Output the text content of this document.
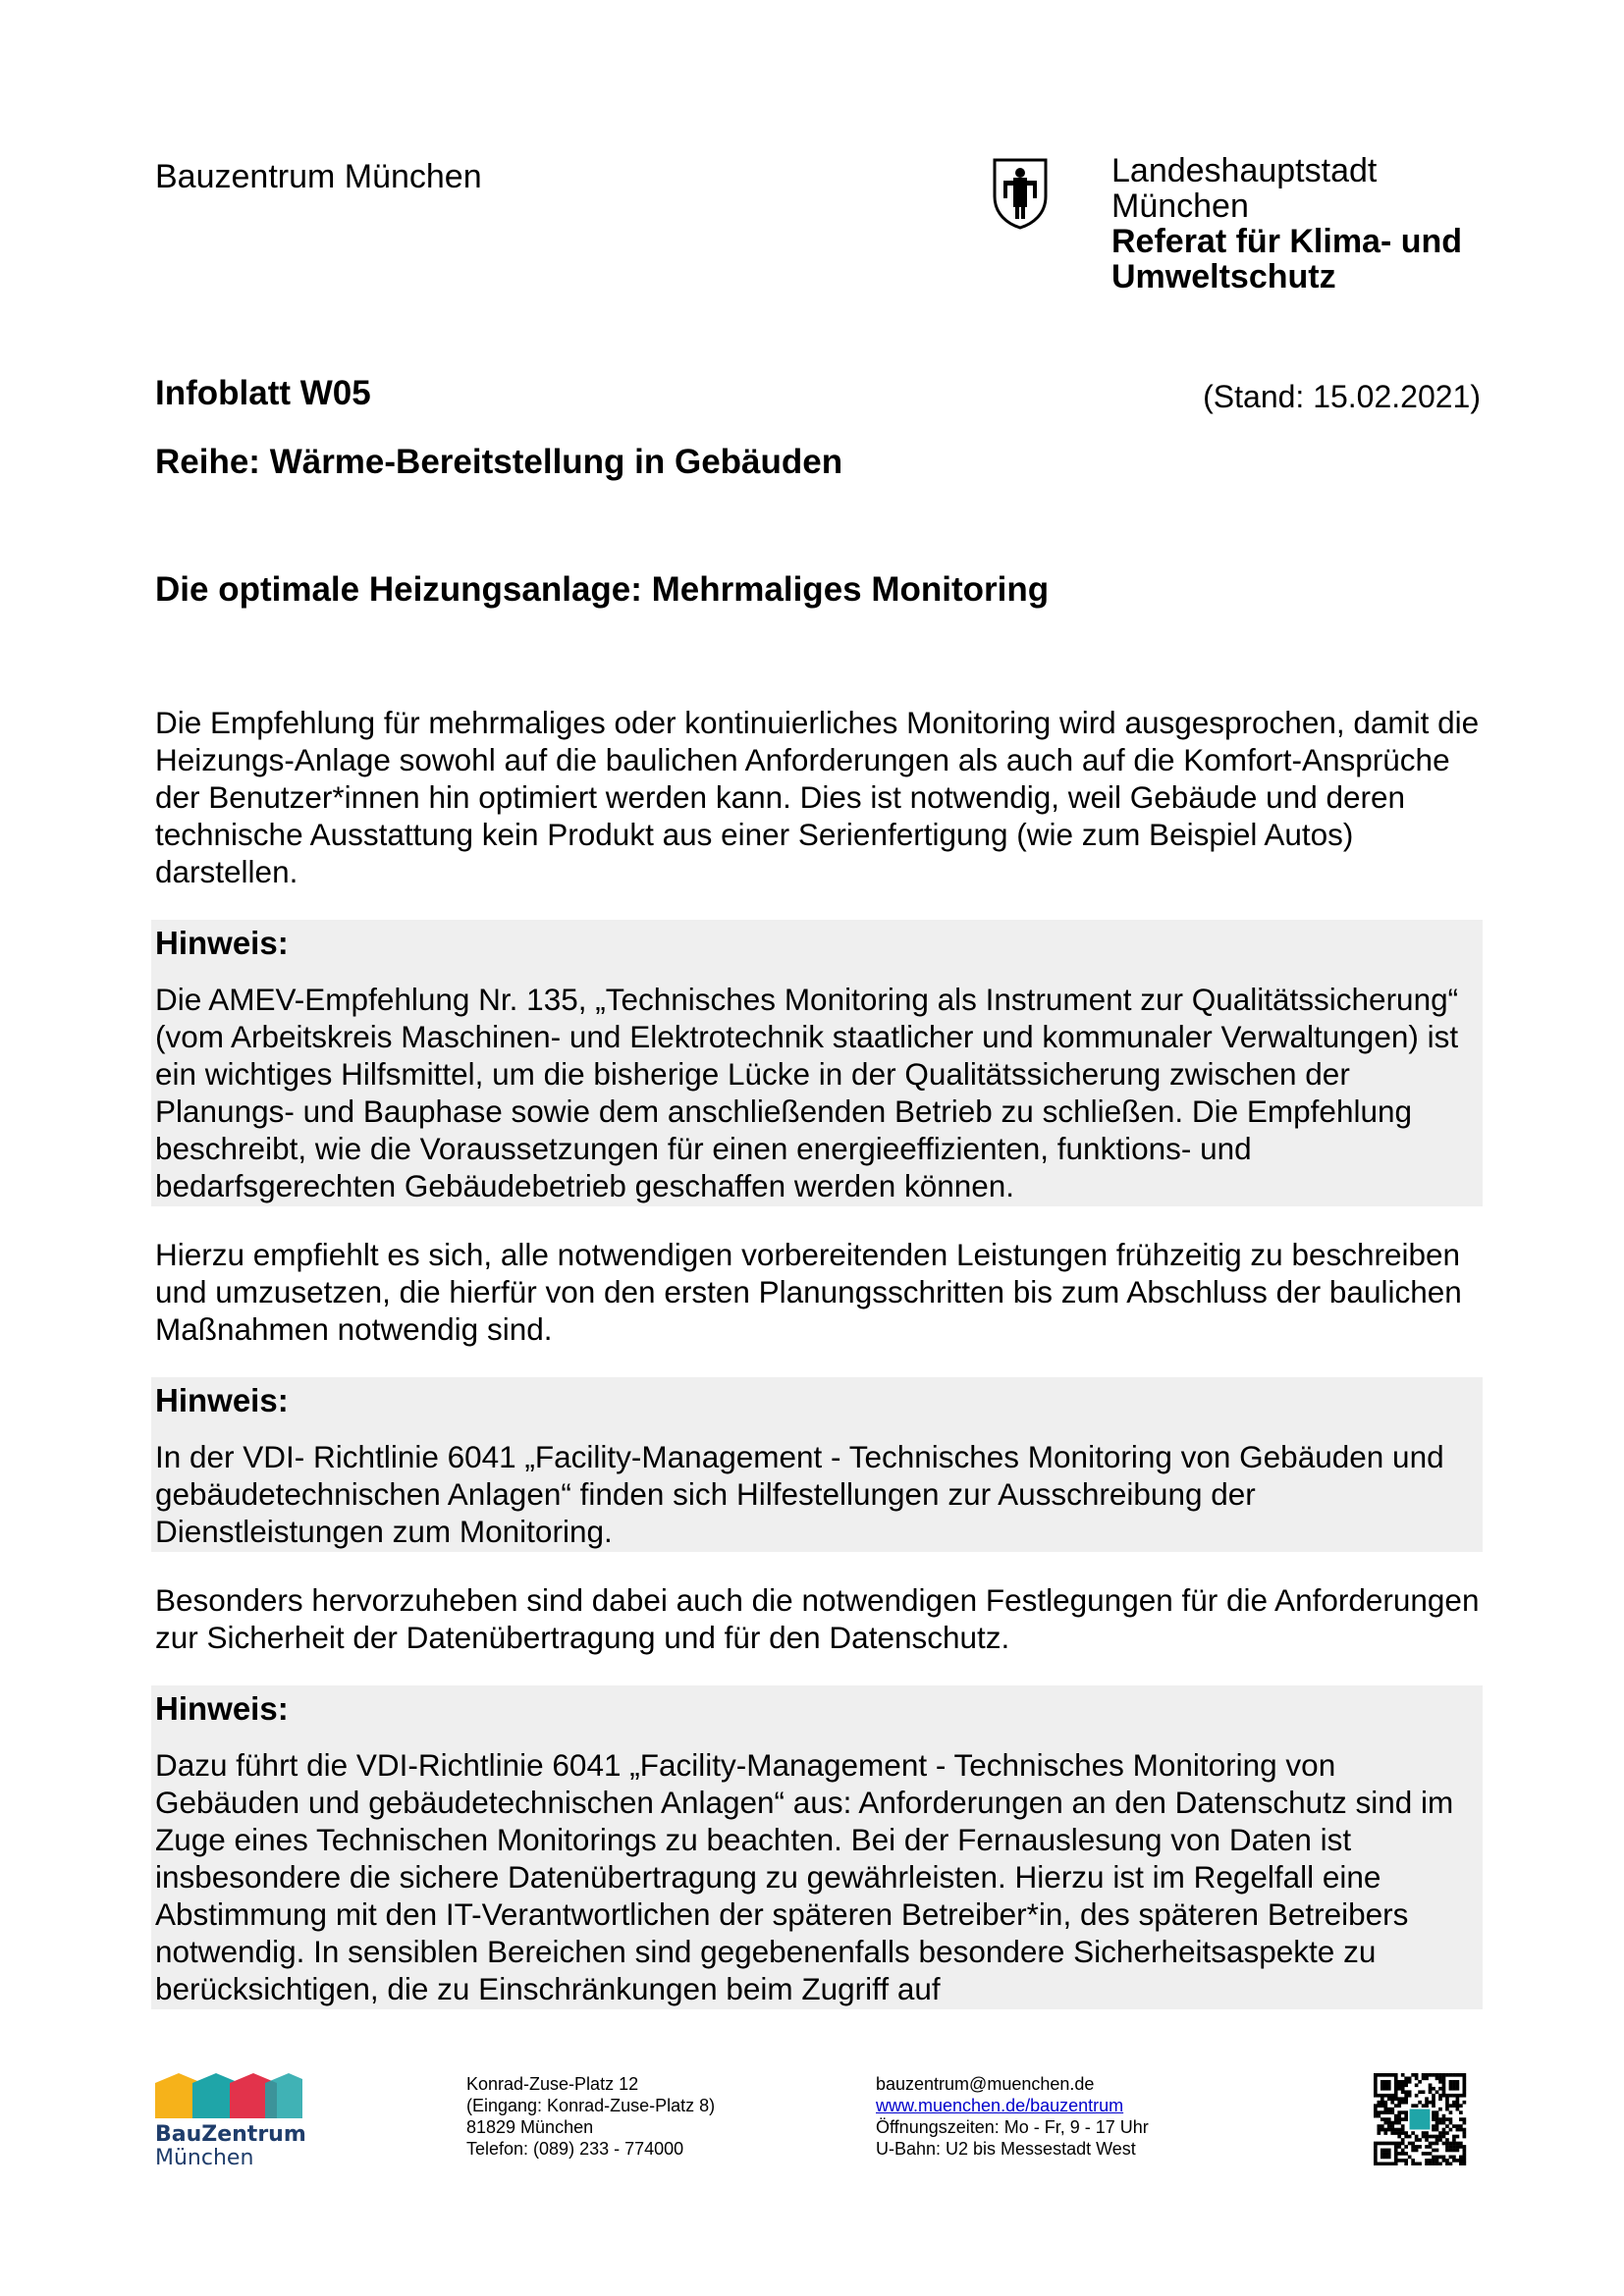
Bauzentrum München	Landeshauptstadt
München
Referat für Klima- und
Umweltschutz
Infoblatt W05	(Stand: 15.02.2021)
Reihe: Wärme-Bereitstellung in Gebäuden
Die optimale Heizungsanlage: Mehrmaliges Monitoring

Die Empfehlung für mehrmaliges oder kontinuierliches Monitoring wird ausgesprochen, damit die Heizungs-Anlage sowohl auf die baulichen Anforderungen als auch auf die Komfort-Ansprüche der Benutzer*innen hin optimiert werden kann. Dies ist notwendig, weil Gebäude und deren technische Ausstattung kein Produkt aus einer Serienfertigung (wie zum Beispiel Autos) darstellen.

Hinweis:

Die AMEV-Empfehlung Nr. 135, „Technisches Monitoring als Instrument zur Qualitätssicherung“ (vom Arbeitskreis Maschinen- und Elektrotechnik staatlicher und kommunaler Verwaltungen) ist ein wichtiges Hilfsmittel, um die bisherige Lücke in der Qualitätssicherung zwischen der Planungs- und Bauphase sowie dem anschließenden Betrieb zu schließen. Die Empfehlung beschreibt, wie die Voraussetzungen für einen energieeffizienten, funktions- und bedarfsgerechten Gebäudebetrieb geschaffen werden können.

Hierzu empfiehlt es sich, alle notwendigen vorbereitenden Leistungen frühzeitig zu beschreiben und umzusetzen, die hierfür von den ersten Planungsschritten bis zum Abschluss der baulichen Maßnahmen notwendig sind.

Hinweis:

In der VDI- Richtlinie 6041 „Facility-Management - Technisches Monitoring von Gebäuden und gebäudetechnischen Anlagen“ finden sich Hilfestellungen zur Ausschreibung der Dienstleistungen zum Monitoring.

Besonders hervorzuheben sind dabei auch die notwendigen Festlegungen für die Anforderungen zur Sicherheit der Datenübertragung und für den Datenschutz.

Hinweis:

Dazu führt die VDI-Richtlinie 6041 „Facility-Management - Technisches Monitoring von Gebäuden und gebäudetechnischen Anlagen“ aus: Anforderungen an den Datenschutz sind im Zuge eines Technischen Monitorings zu beachten. Bei der Fernauslesung von Daten ist insbesondere die sichere Datenübertragung zu gewährleisten. Hierzu ist im Regelfall eine Abstimmung mit den IT-Verantwortlichen der späteren Betreiber*in, des späteren Betreibers notwendig. In sensiblen Bereichen sind gegebenenfalls besondere Sicherheitsaspekte zu berücksichtigen, die zu Einschränkungen beim Zugriff auf

BauZentrum
München
Konrad-Zuse-Platz 12
(Eingang: Konrad-Zuse-Platz 8)
81829 München
Telefon: (089) 233 - 774000
bauzentrum@muenchen.de
www.muenchen.de/bauzentrum
Öffnungszeiten: Mo - Fr, 9 - 17 Uhr
U-Bahn: U2 bis Messestadt West
